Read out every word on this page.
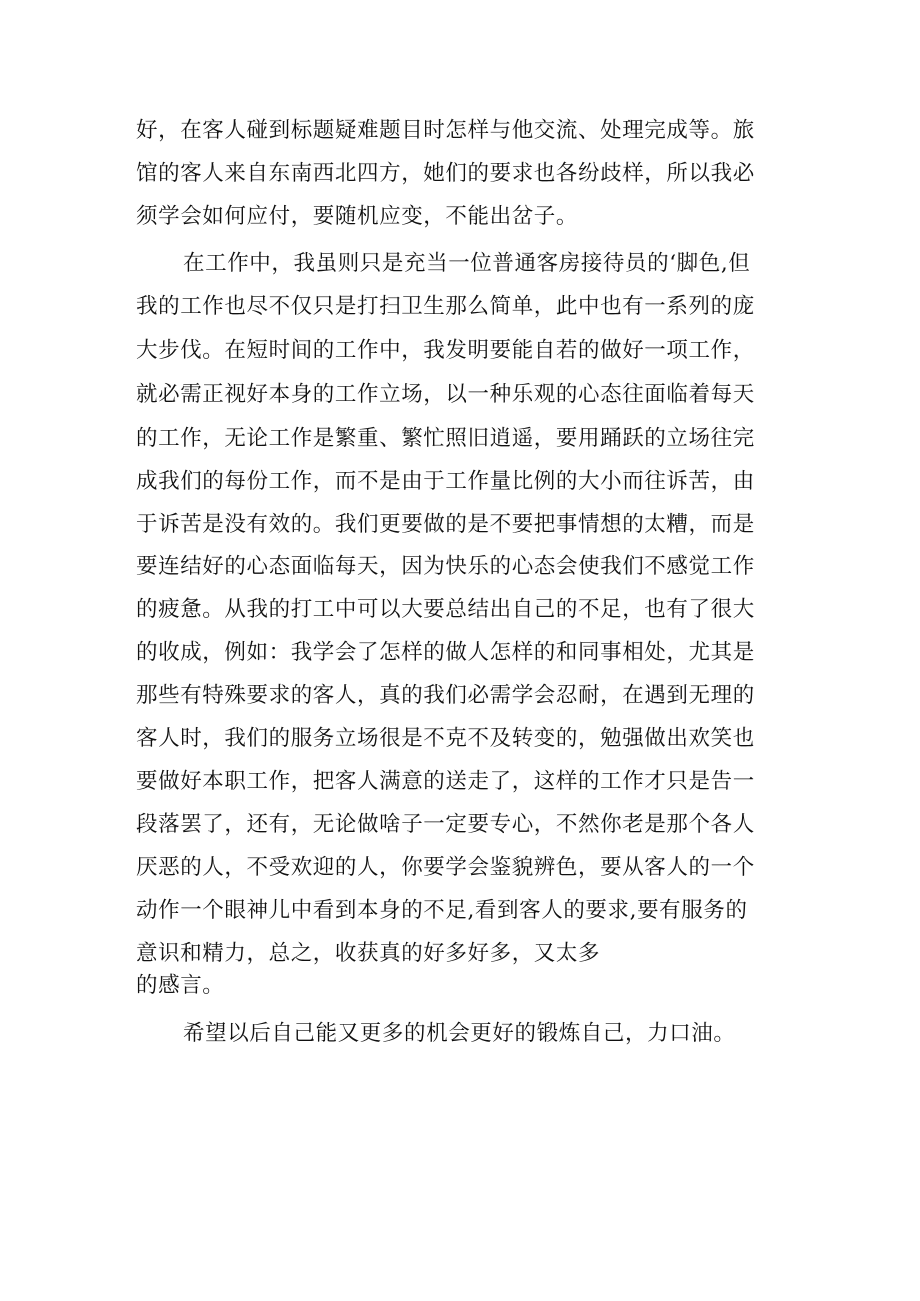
好，在客人碰到标题疑难题目时怎样与他交流、处理完成等。旅
馆的客人来自东南西北四方，她们的要求也各纷歧样，所以我必
须学会如何应付，要随机应变，不能出岔子。
在工作中，我虽则只是充当一位普通客房接待员的‘脚色,但
我的工作也尽不仅只是打扫卫生那么简单，此中也有一系列的庞
大步伐。在短时间的工作中，我发明要能自若的做好一项工作，
就必需正视好本身的工作立场，以一种乐观的心态往面临着每天
的工作，无论工作是繁重、繁忙照旧逍遥，要用踊跃的立场往完
成我们的每份工作，而不是由于工作量比例的大小而往诉苦，由
于诉苦是没有效的。我们更要做的是不要把事情想的太糟，而是
要连结好的心态面临每天，因为快乐的心态会使我们不感觉工作
的疲惫。从我的打工中可以大要总结出自己的不足，也有了很大
的收成，例如：我学会了怎样的做人怎样的和同事相处，尤其是
那些有特殊要求的客人，真的我们必需学会忍耐，在遇到无理的
客人时，我们的服务立场很是不克不及转变的，勉强做出欢笑也
要做好本职工作，把客人满意的送走了，这样的工作才只是告一
段落罢了，还有，无论做啥子一定要专心，不然你老是那个各人
厌恶的人，不受欢迎的人，你要学会鉴貌辨色，要从客人的一个
动作一个眼神儿中看到本身的不足,看到客人的要求,要有服务的
意识和精力，总之，收获真的好多好多，又太多
的感言。
希望以后自己能又更多的机会更好的锻炼自己，力口油。
